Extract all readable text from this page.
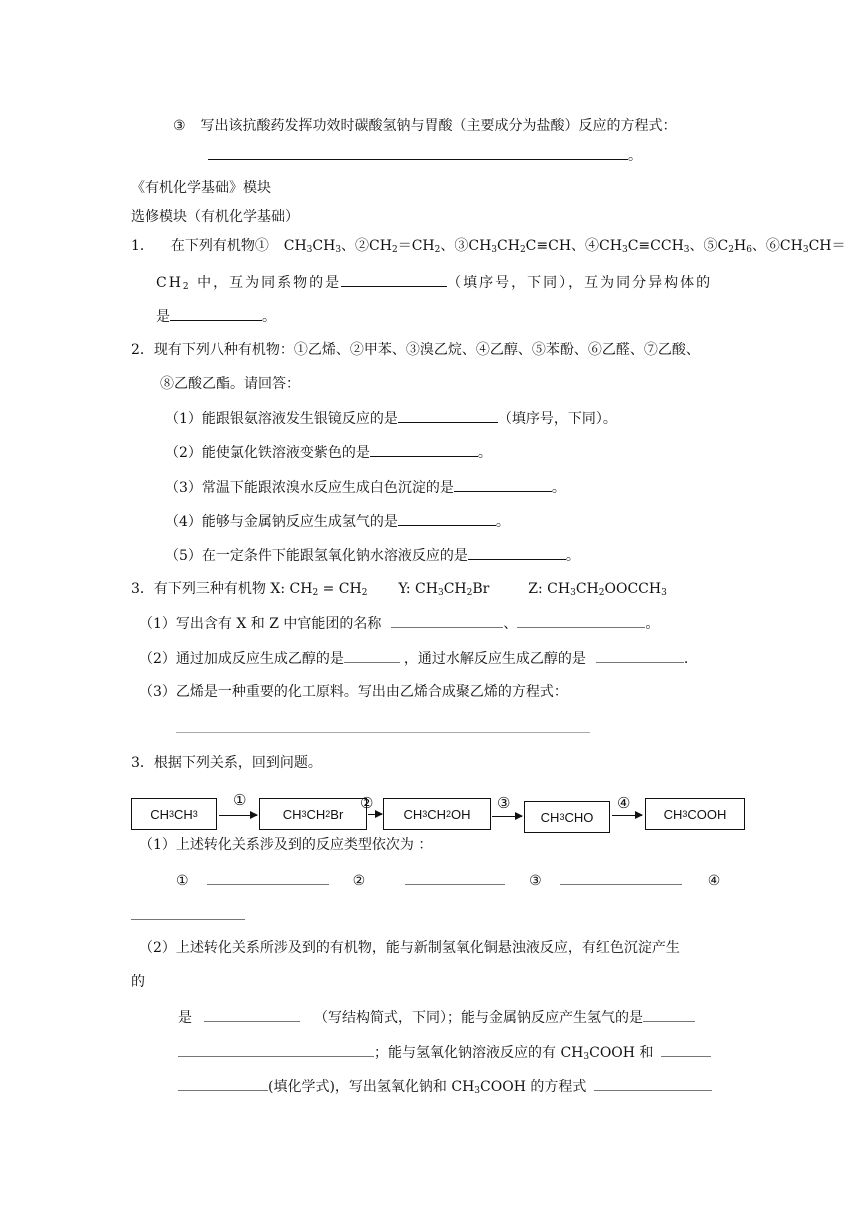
③ 写出该抗酸药发挥功效时碳酸氢钠与胃酸（主要成分为盐酸）反应的方程式：
。
《有机化学基础》模块
选修模块（有机化学基础）
1． 在下列有机物① $CH_3CH_3$、$②CH_2=CH_2$、$③CH_3CH_2C\equiv CH$、$④CH_3C\equiv CCH_3$、$⑤C_2H_6$、$⑥CH_3CH=$
$CH_2$ 中，互为同系物的是	（填序号，下同），互为同分异构体的
是	。
2．现有下列八种有机物：①乙烯、②甲苯、③溴乙烷、④乙醇、⑤苯酚、⑥乙醛、⑦乙酸、
⑧乙酸乙酯。请回答：
（1）能跟银氨溶液发生银镜反应的是	（填序号，下同）。
（2）能使氯化铁溶液变紫色的是	。
（3）常温下能跟浓溴水反应生成白色沉淀的是	。
（4）能够与金属钠反应生成氢气的是	。
（5）在一定条件下能跟氢氧化钠水溶液反应的是	。
3．有下列三种有机物 X: $CH_2 = CH_2$ Y: $CH_3CH_2Br$	Z: $CH_3CH_2OOCCH_3$
（1）写出含有 X 和 Z 中官能团的名称	、	。
（2）通过加成反应生成乙醇的是	，通过水解反应生成乙醇的是	.
（3）乙烯是一种重要的化工原料。写出由乙烯合成聚乙烯的方程式：
3．根据下列关系，回到问题。
CH 3 CH 3
①
CH 3 CH 2 Br
②
CH 3 CH 2 OH
③
CH 3 CHO
④
CH 3 COOH
（1）上述转化关系涉及到的反应类型依次为 ：
①	②	③	④
（2）上述转化关系所涉及到的有机物，能与新制氢氧化铜悬浊液反应，有红色沉淀产生
的
是	（写结构简式，下同）；能与金属钠反应产生氢气的是
；能与氢氧化钠溶液反应的有 $CH_3COOH$ 和
(填化学式)，写出氢氧化钠和 $CH_3COOH$ 的方程式
